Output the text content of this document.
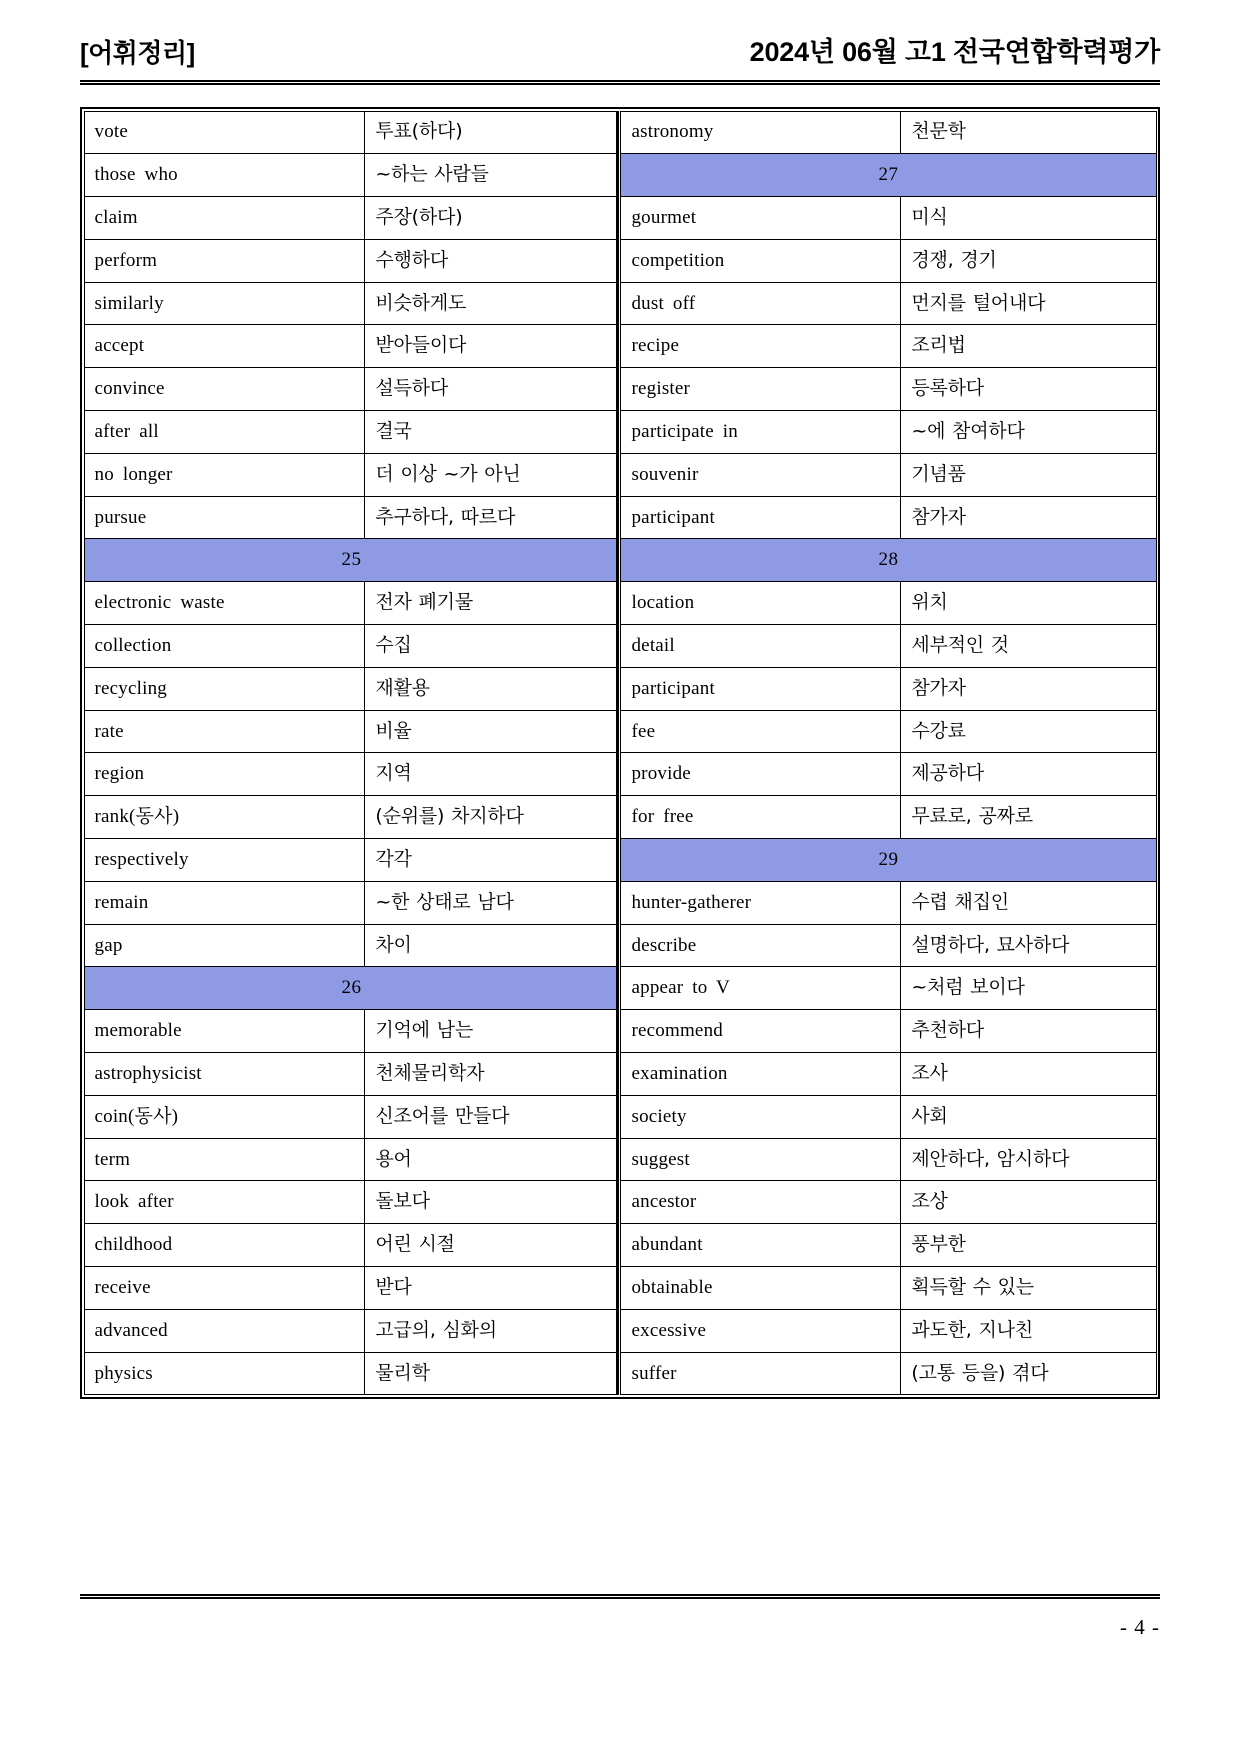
[어휘정리]	2024년 06월 고1 전국연합학력평가
vote	투표(하다)	astronomy	천문학
those who	~하는 사람들	27	
claim	주장(하다)	gourmet	미식
perform	수행하다	competition	경쟁, 경기
similarly	비슷하게도	dust off	먼지를 털어내다
accept	받아들이다	recipe	조리법
convince	설득하다	register	등록하다
after all	결국	participate in	~에 참여하다
no longer	더 이상 ~가 아닌	souvenir	기념품
pursue	추구하다, 따르다	participant	참가자
25		28	
electronic waste	전자 폐기물	location	위치
collection	수집	detail	세부적인 것
recycling	재활용	participant	참가자
rate	비율	fee	수강료
region	지역	provide	제공하다
rank(동사)	(순위를) 차지하다	for free	무료로, 공짜로
respectively	각각	29	
remain	~한 상태로 남다	hunter-gatherer	수렵 채집인
gap	차이	describe	설명하다, 묘사하다
26		appear to V	~처럼 보이다
memorable	기억에 남는	recommend	추천하다
astrophysicist	천체물리학자	examination	조사
coin(동사)	신조어를 만들다	society	사회
term	용어	suggest	제안하다, 암시하다
look after	돌보다	ancestor	조상
childhood	어린 시절	abundant	풍부한
receive	받다	obtainable	획득할 수 있는
advanced	고급의, 심화의	excessive	과도한, 지나친
physics	물리학	suffer	(고통 등을) 겪다
- 4 -
